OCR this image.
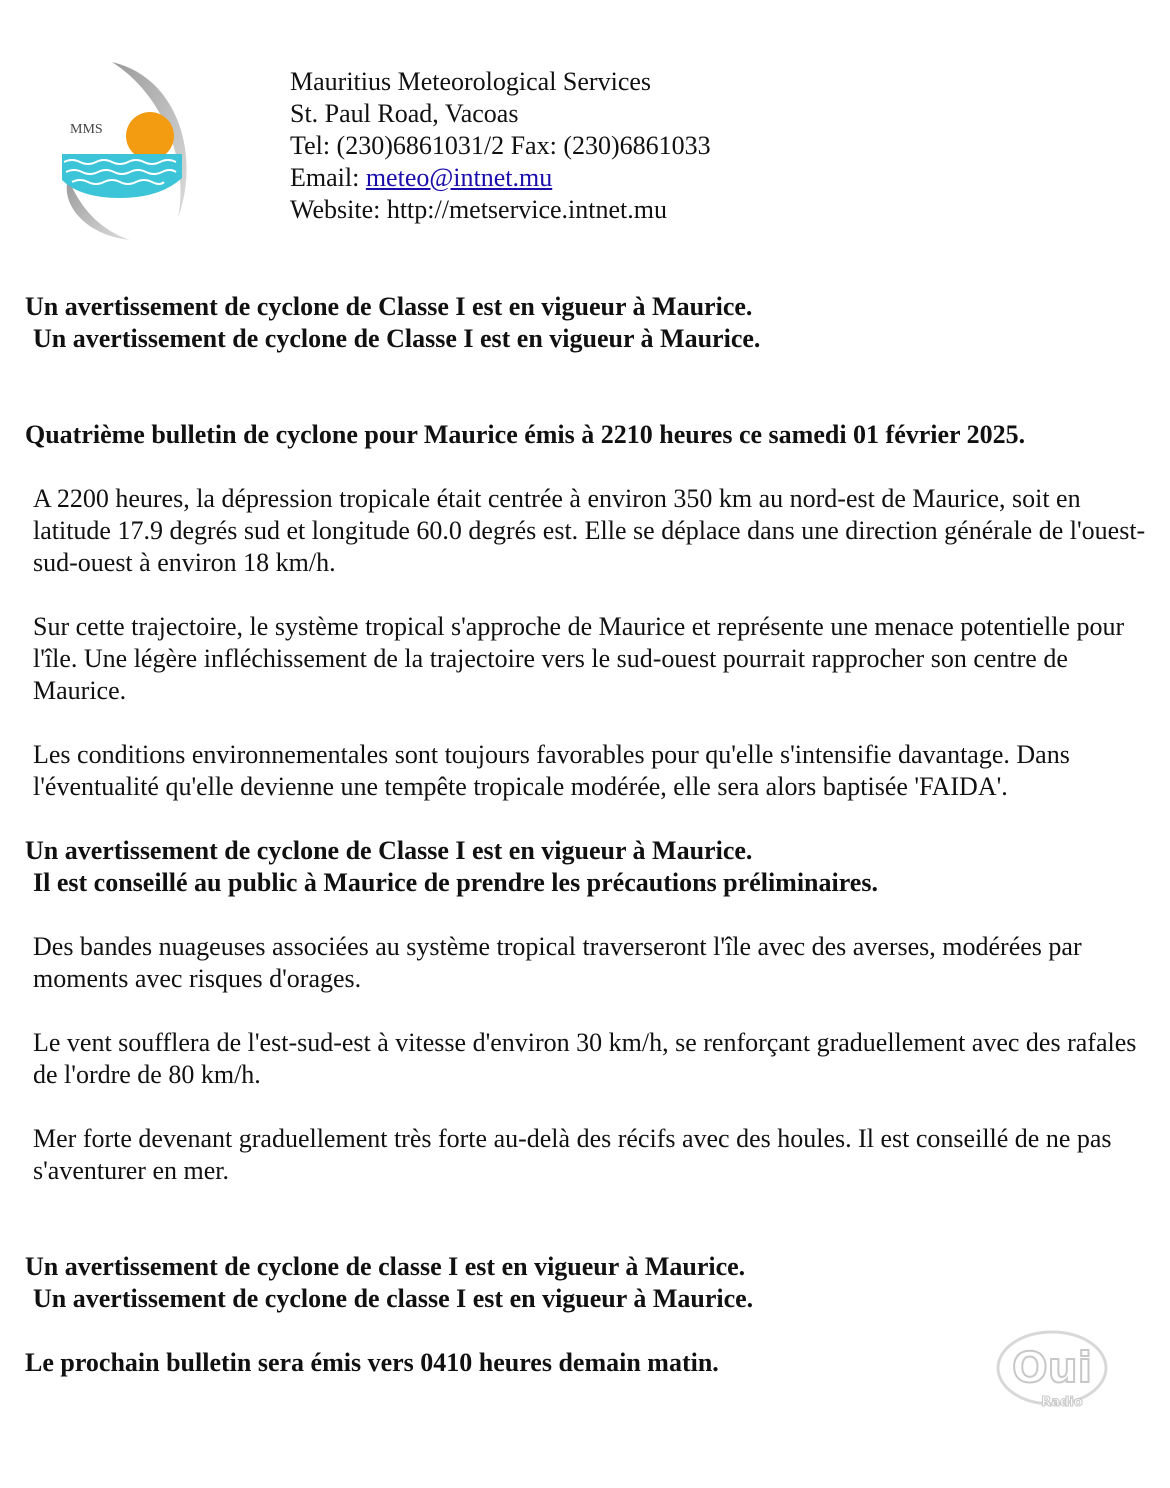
MMS
Mauritius Meteorological Services
St. Paul Road, Vacoas
Tel: (230)6861031/2 Fax: (230)6861033
Email: meteo@intnet.mu
Website: http://metservice.intnet.mu
Un avertissement de cyclone de Classe I est en vigueur à Maurice.
Un avertissement de cyclone de Classe I est en vigueur à Maurice.
Quatrième bulletin de cyclone pour Maurice émis à 2210 heures ce samedi 01 février 2025.
A 2200 heures, la dépression tropicale était centrée à environ 350 km au nord-est de Maurice, soit en latitude 17.9 degrés sud et longitude 60.0 degrés est. Elle se déplace dans une direction générale de l'ouest-sud-ouest à environ 18 km/h.
Sur cette trajectoire, le système tropical s'approche de Maurice et représente une menace potentielle pour l'île. Une légère infléchissement de la trajectoire vers le sud-ouest pourrait rapprocher son centre de Maurice.
Les conditions environnementales sont toujours favorables pour qu'elle s'intensifie davantage. Dans l'éventualité qu'elle devienne une tempête tropicale modérée, elle sera alors baptisée 'FAIDA'.
Un avertissement de cyclone de Classe I est en vigueur à Maurice.
Il est conseillé au public à Maurice de prendre les précautions préliminaires.
Des bandes nuageuses associées au système tropical traverseront l'île avec des averses, modérées par moments avec risques d'orages.
Le vent soufflera de l'est-sud-est à vitesse d'environ 30 km/h, se renforçant graduellement avec des rafales de l'ordre de 80 km/h.
Mer forte devenant graduellement très forte au-delà des récifs avec des houles. Il est conseillé de ne pas s'aventurer en mer.
Un avertissement de cyclone de classe I est en vigueur à Maurice.
Un avertissement de cyclone de classe I est en vigueur à Maurice.
Le prochain bulletin sera émis vers 0410 heures demain matin.	Oui
Radio
